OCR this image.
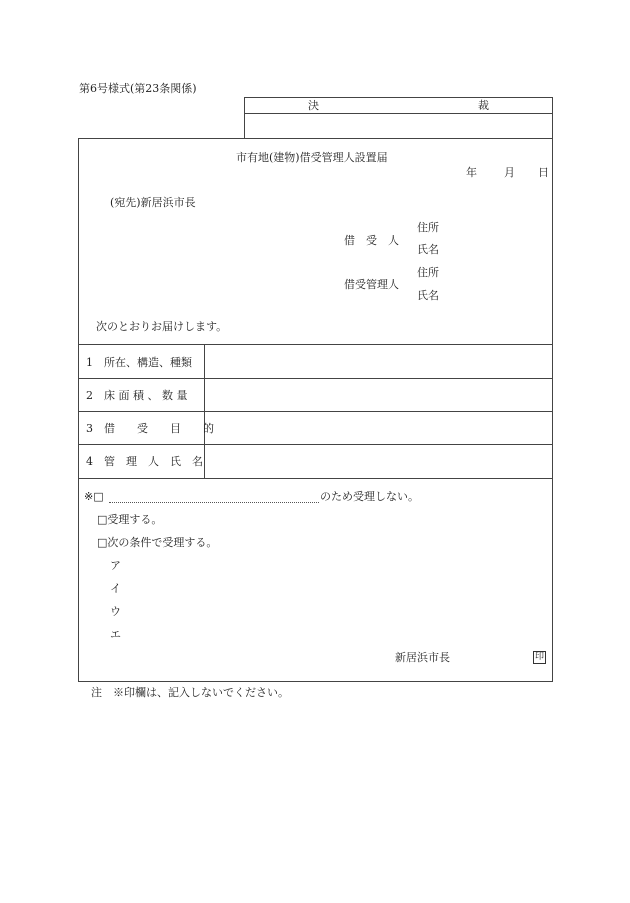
第6号様式(第23条関係)
決	裁
市有地(建物)借受管理人設置届
年 月 日
(宛先)新居浜市長
借　受　人
住所
氏名
借受管理人
住所
氏名
次のとおりお届けします。
1　所在、構造、種類
2　床 面 積 、 数 量
3　借　　受　　目　　的
4　管　理　人　氏　名
※□	のため受理しない。
□受理する。
□次の条件で受理する。
ア
イ
ウ
エ
新居浜市長	印
注　※印欄は、記入しないでください。
